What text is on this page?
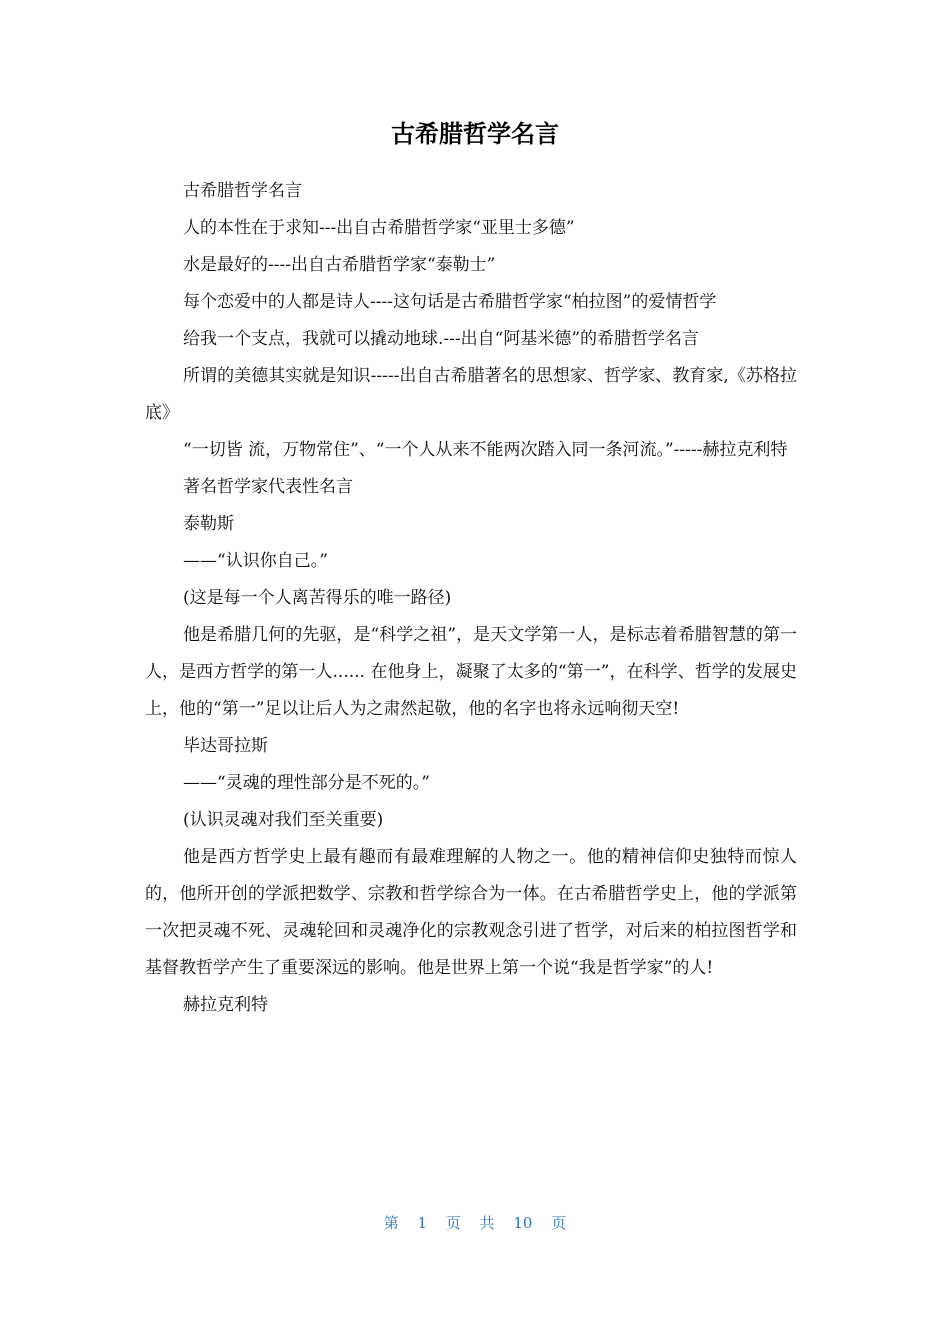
古希腊哲学名言

古希腊哲学名言

人的本性在于求知---出自古希腊哲学家“亚里士多德”

水是最好的----出自古希腊哲学家“泰勒士”

每个恋爱中的人都是诗人----这句话是古希腊哲学家“柏拉图”的爱情哲学

给我一个支点，我就可以撬动地球.---出自“阿基米德”的希腊哲学名言

所谓的美德其实就是知识-----出自古希腊著名的思想家、哲学家、教育家,《苏格拉底》

“一切皆 流，万物常住”、“一个人从来不能两次踏入同一条河流。”-----赫拉克利特

著名哲学家代表性名言

泰勒斯

——“认识你自己。”

(这是每一个人离苦得乐的唯一路径)

他是希腊几何的先驱，是“科学之祖”，是天文学第一人，是标志着希腊智慧的第一人，是西方哲学的第一人...... 在他身上，凝聚了太多的“第一”，在科学、哲学的发展史上，他的“第一”足以让后人为之肃然起敬，他的名字也将永远响彻天空!

毕达哥拉斯

——“灵魂的理性部分是不死的。”

(认识灵魂对我们至关重要)

他是西方哲学史上最有趣而有最难理解的人物之一。他的精神信仰史独特而惊人的，他所开创的学派把数学、宗教和哲学综合为一体。在古希腊哲学史上，他的学派第一次把灵魂不死、灵魂轮回和灵魂净化的宗教观念引进了哲学，对后来的柏拉图哲学和基督教哲学产生了重要深远的影响。他是世界上第一个说“我是哲学家”的人!

赫拉克利特

第 1 页 共 10 页
